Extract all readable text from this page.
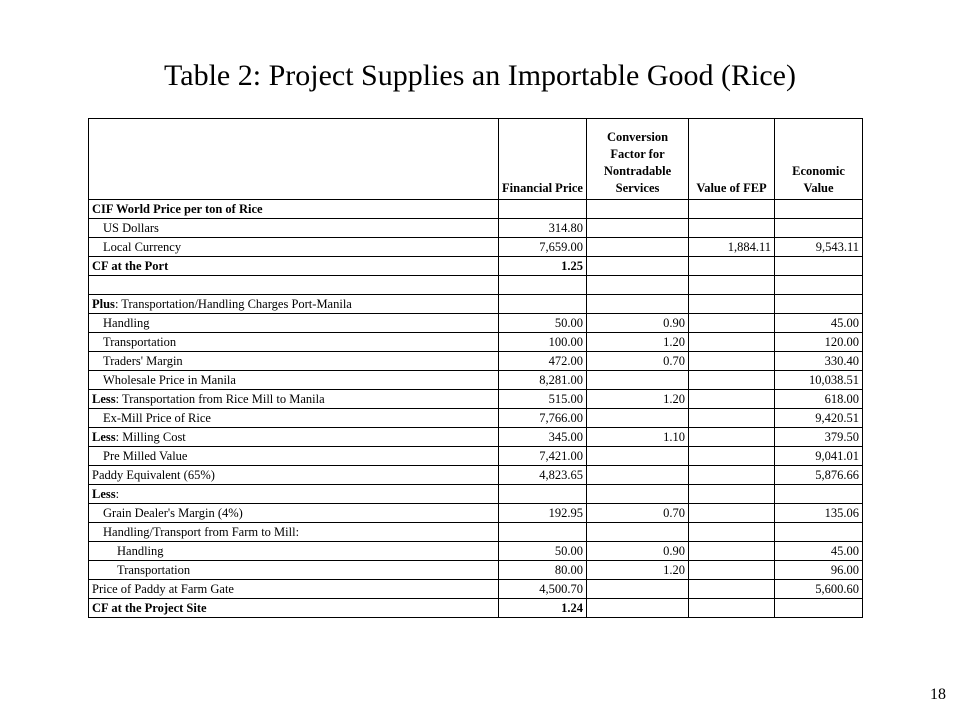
Table 2: Project Supplies an Importable Good (Rice)
	Financial Price	Conversion Factor for Nontradable Services	Value of FEP	Economic Value
CIF World Price per ton of Rice				
US Dollars	314.80			
Local Currency	7,659.00		1,884.11	9,543.11
CF at the Port	1.25			

Plus: Transportation/Handling Charges Port-Manila				
Handling	50.00	0.90		45.00
Transportation	100.00	1.20		120.00
Traders' Margin	472.00	0.70		330.40
Wholesale Price in Manila	8,281.00			10,038.51
Less: Transportation from Rice Mill to Manila	515.00	1.20		618.00
Ex-Mill Price of Rice	7,766.00			9,420.51
Less: Milling Cost	345.00	1.10		379.50
Pre Milled Value	7,421.00			9,041.01
Paddy Equivalent (65%)	4,823.65			5,876.66
Less:				
Grain Dealer's Margin (4%)	192.95	0.70		135.06
Handling/Transport from Farm to Mill:				
Handling	50.00	0.90		45.00
Transportation	80.00	1.20		96.00
Price of Paddy at Farm Gate	4,500.70			5,600.60
CF at the Project Site	1.24			
18
